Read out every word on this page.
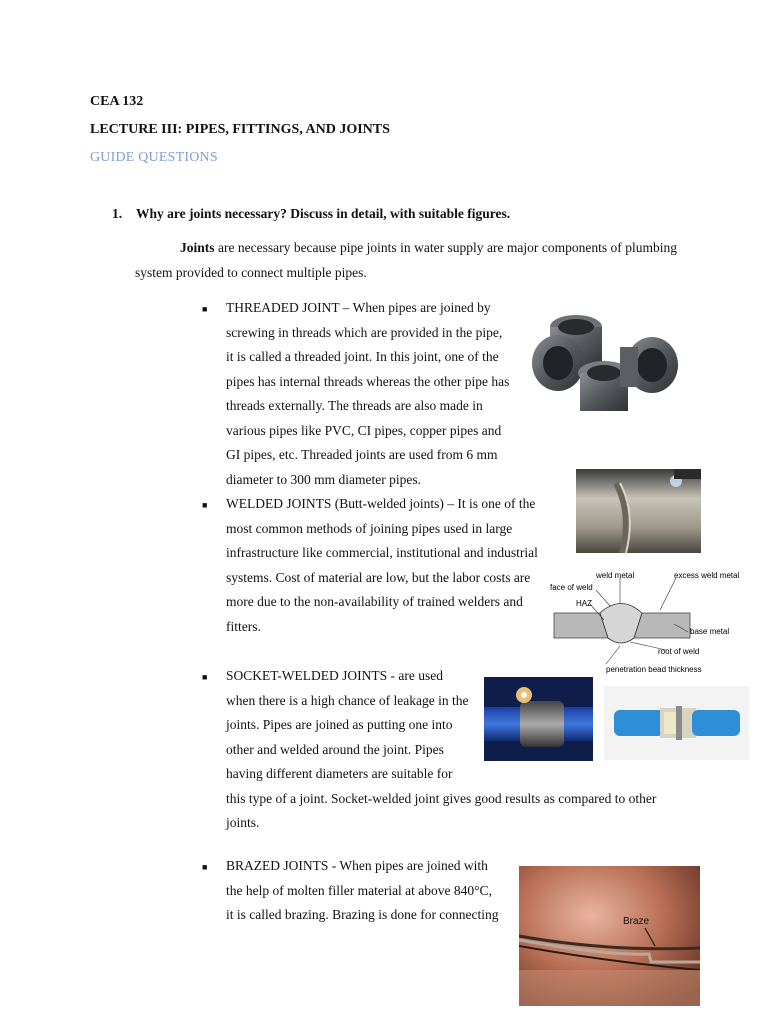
CEA 132
LECTURE III: PIPES, FITTINGS, AND JOINTS
GUIDE QUESTIONS
1. Why are joints necessary? Discuss in detail, with suitable figures.
Joints are necessary because pipe joints in water supply are major components of plumbing system provided to connect multiple pipes.
■ THREADED JOINT – When pipes are joined by
screwing in threads which are provided in the pipe,
it is called a threaded joint. In this joint, one of the
pipes has internal threads whereas the other pipe has
threads externally. The threads are also made in
various pipes like PVC, CI pipes, copper pipes and
GI pipes, etc. Threaded joints are used from 6 mm
diameter to 300 mm diameter pipes.
■ WELDED JOINTS (Butt-welded joints) – It is one of the
most common methods of joining pipes used in large
infrastructure like commercial, institutional and industrial
systems. Cost of material are low, but the labor costs are
more due to the non-availability of trained welders and
fitters.
■ SOCKET-WELDED JOINTS - are used
when there is a high chance of leakage in the
joints. Pipes are joined as putting one into
other and welded around the joint. Pipes
having different diameters are suitable for
this type of a joint. Socket-welded joint gives good results as compared to other
joints.
■ BRAZED JOINTS - When pipes are joined with
the help of molten filler material at above 840°C,
it is called brazing. Brazing is done for connecting
weld metal	excess weld metal
face of weld
HAZ
base metal
root of weld
penetration bead thickness
Braze
